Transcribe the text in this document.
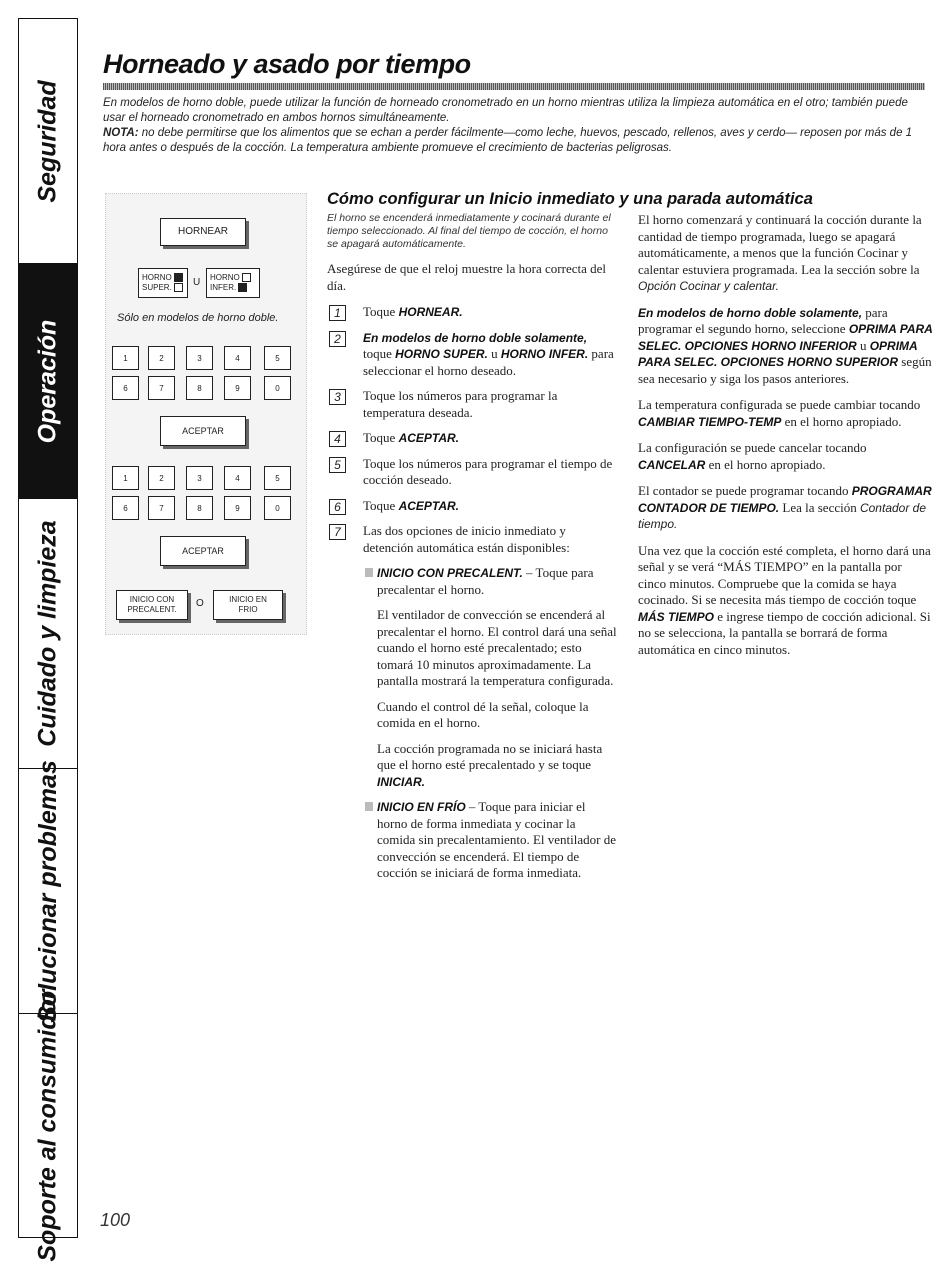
Seguridad
Operación
Cuidado y limpieza
Solucionar problemas
Soporte al consumidor
Horneado y asado por tiempo

En modelos de horno doble, puede utilizar la función de horneado cronometrado en un horno mientras utiliza la limpieza automática en el otro; también puede usar el horneado cronometrado en ambos hornos simultáneamente.

NOTA: no debe permitirse que los alimentos que se echan a perder fácilmente—como leche, huevos, pescado, rellenos, aves y cerdo— reposen por más de 1 hora antes o después de la cocción. La temperatura ambiente promueve el crecimiento de bacterias peligrosas.

HORNEAR
HORNO
SUPER.	U HORNO
INFER.
Sólo en modelos de horno doble.
1	2	3	4	5
6	7	8	9	0
ACEPTAR
1	2	3	4	5
6	7	8	9	0
ACEPTAR
INICIO CON
PRECALENT.
O	INICIO EN
FRIO
Cómo configurar un Inicio inmediato y una parada automática

El horno se encenderá inmediatamente y cocinará durante el tiempo seleccionado. Al final del tiempo de cocción, el horno se apagará automáticamente.

Asegúrese de que el reloj muestre la hora correcta del día.

1	Toque HORNEAR.
2	En modelos de horno doble solamente, toque HORNO SUPER. u HORNO INFER. para seleccionar el horno deseado.
3	Toque los números para programar la temperatura deseada.
4	Toque ACEPTAR.
5	Toque los números para programar el tiempo de cocción deseado.
6	Toque ACEPTAR.
7	Las dos opciones de inicio inmediato y detención automática están disponibles:

INICIO CON PRECALENT. – Toque para precalentar el horno.

El ventilador de convección se encenderá al precalentar el horno. El control dará una señal cuando el horno esté precalentado; esto tomará 10 minutos aproximadamente. La pantalla mostrará la temperatura configurada.

Cuando el control dé la señal, coloque la comida en el horno.

La cocción programada no se iniciará hasta que el horno esté precalentado y se toque INICIAR.

INICIO EN FRÍO – Toque para iniciar el horno de forma inmediata y cocinar la comida sin precalentamiento. El ventilador de convección se encenderá. El tiempo de cocción se iniciará de forma inmediata.

El horno comenzará y continuará la cocción durante la cantidad de tiempo programada, luego se apagará automáticamente, a menos que la función Cocinar y calentar estuviera programada. Lea la sección sobre la Opción Cocinar y calentar.

En modelos de horno doble solamente, para programar el segundo horno, seleccione OPRIMA PARA SELEC. OPCIONES HORNO INFERIOR u OPRIMA PARA SELEC. OPCIONES HORNO SUPERIOR según sea necesario y siga los pasos anteriores.

La temperatura configurada se puede cambiar tocando CAMBIAR TIEMPO-TEMP en el horno apropiado.

La configuración se puede cancelar tocando CANCELAR en el horno apropiado.

El contador se puede programar tocando PROGRAMAR CONTADOR DE TIEMPO. Lea la sección Contador de tiempo.

Una vez que la cocción esté completa, el horno dará una señal y se verá “MÁS TIEMPO” en la pantalla por cinco minutos. Compruebe que la comida se haya cocinado. Si se necesita más tiempo de cocción toque MÁS TIEMPO e ingrese tiempo de cocción adicional. Si no se selecciona, la pantalla se borrará de forma automática en cinco minutos.

100
